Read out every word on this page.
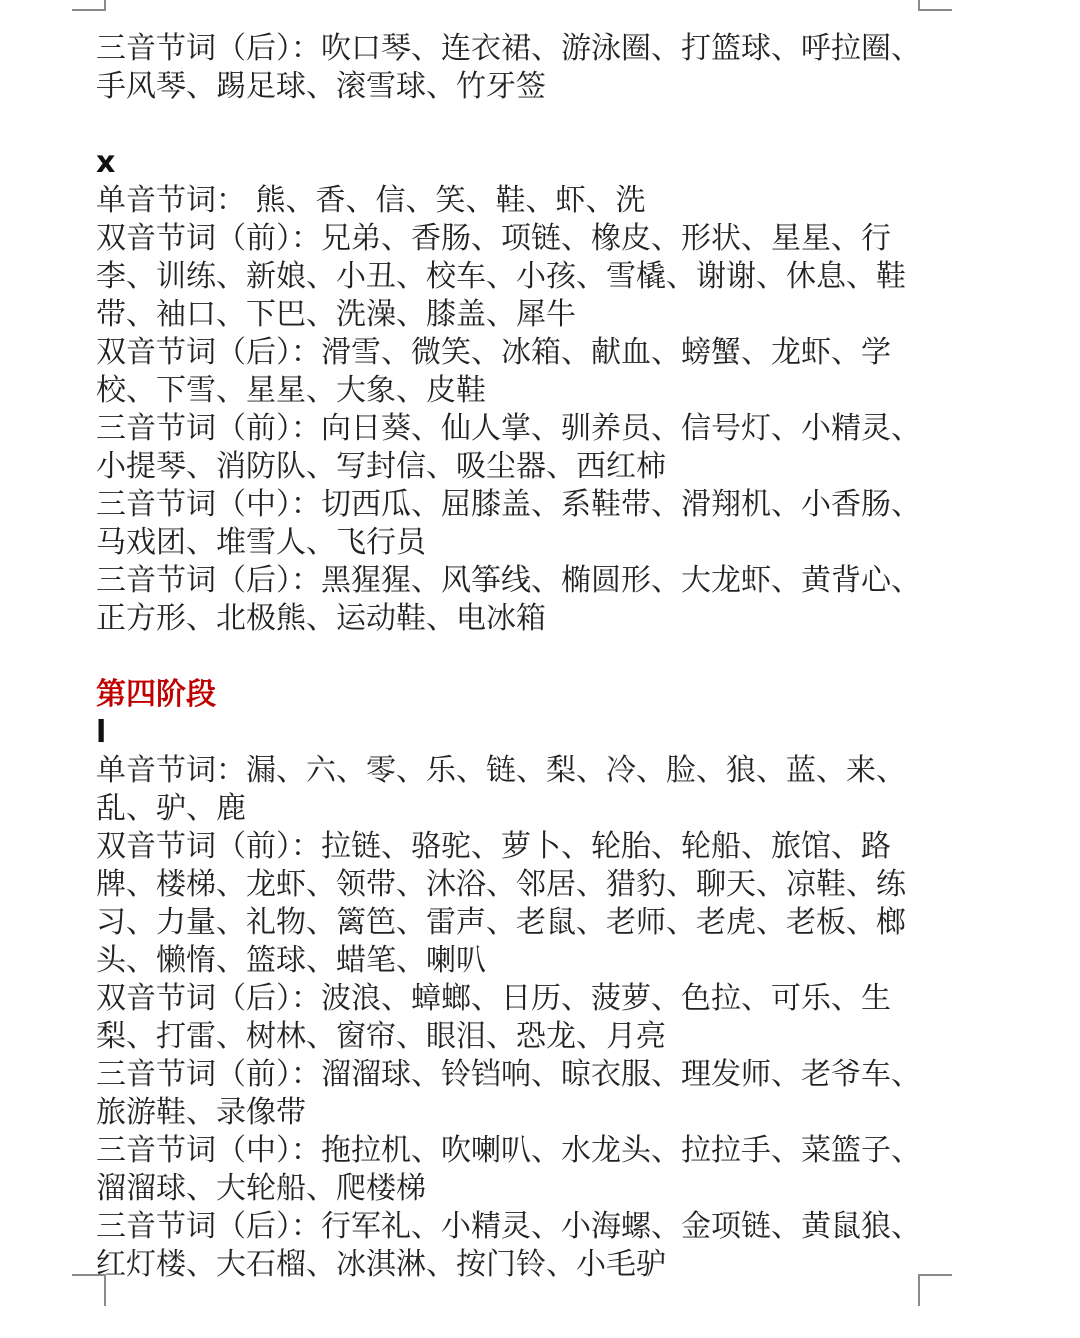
三音节词（后）：吹口琴、连衣裙、游泳圈、打篮球、呼拉圈、
手风琴、踢足球、滚雪球、竹牙签
x
单音节词： 熊、香、信、笑、鞋、虾、洗
双音节词（前）：兄弟、香肠、项链、橡皮、形状、星星、行
李、训练、新娘、小丑、校车、小孩、雪橇、谢谢、休息、鞋
带、袖口、下巴、洗澡、膝盖、犀牛
双音节词（后）：滑雪、微笑、冰箱、献血、螃蟹、龙虾、学
校、下雪、星星、大象、皮鞋
三音节词（前）：向日葵、仙人掌、驯养员、信号灯、小精灵、
小提琴、消防队、写封信、吸尘器、西红柿
三音节词（中）：切西瓜、屈膝盖、系鞋带、滑翔机、小香肠、
马戏团、堆雪人、飞行员
三音节词（后）：黑猩猩、风筝线、椭圆形、大龙虾、黄背心、
正方形、北极熊、运动鞋、电冰箱
第四阶段
l
单音节词：漏、六、零、乐、链、梨、冷、脸、狼、蓝、来、
乱、驴、鹿
双音节词（前）：拉链、骆驼、萝卜、轮胎、轮船、旅馆、路
牌、楼梯、龙虾、领带、沐浴、邻居、猎豹、聊天、凉鞋、练
习、力量、礼物、篱笆、雷声、老鼠、老师、老虎、老板、榔
头、懒惰、篮球、蜡笔、喇叭
双音节词（后）：波浪、蟑螂、日历、菠萝、色拉、可乐、生
梨、打雷、树林、窗帘、眼泪、恐龙、月亮
三音节词（前）：溜溜球、铃铛响、晾衣服、理发师、老爷车、
旅游鞋、录像带
三音节词（中）：拖拉机、吹喇叭、水龙头、拉拉手、菜篮子、
溜溜球、大轮船、爬楼梯
三音节词（后）：行军礼、小精灵、小海螺、金项链、黄鼠狼、
红灯楼、大石榴、冰淇淋、按门铃、小毛驴
